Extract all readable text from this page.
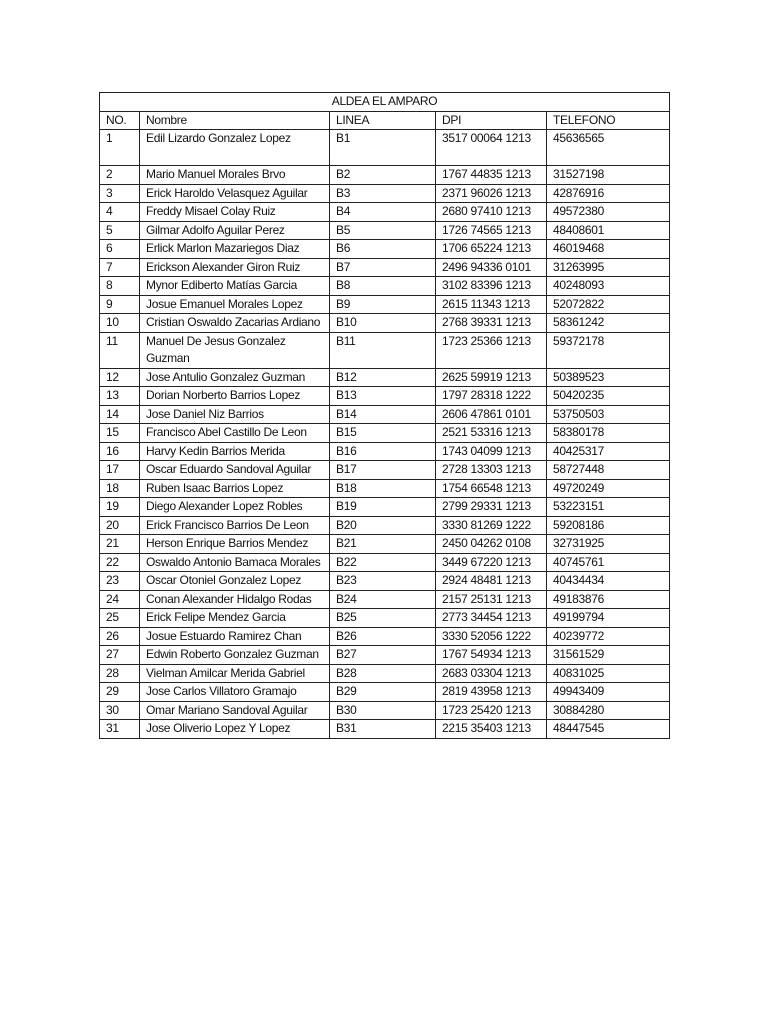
ALDEA EL AMPARO				
NO.	Nombre	LINEA	DPI	TELEFONO
1	Edil Lizardo Gonzalez Lopez	B1	3517 00064 1213	45636565
2	Mario Manuel Morales Brvo	B2	1767 44835 1213	31527198
3	Erick Haroldo Velasquez Aguilar	B3	2371 96026 1213	42876916
4	Freddy Misael Colay Ruiz	B4	2680 97410 1213	49572380
5	Gilmar Adolfo Aguilar Perez	B5	1726 74565 1213	48408601
6	Erlick Marlon Mazariegos Diaz	B6	1706 65224 1213	46019468
7	Erickson Alexander Giron Ruiz	B7	2496 94336 0101	31263995
8	Mynor Ediberto Matías Garcia	B8	3102 83396 1213	40248093
9	Josue Emanuel Morales Lopez	B9	2615 11343 1213	52072822
10	Cristian Oswaldo Zacarias Ardiano	B10	2768 39331 1213	58361242
11	Manuel De Jesus Gonzalez Guzman	B11	1723 25366 1213	59372178
12	Jose Antulio Gonzalez Guzman	B12	2625 59919 1213	50389523
13	Dorian Norberto Barrios Lopez	B13	1797 28318 1222	50420235
14	Jose Daniel Niz Barrios	B14	2606 47861 0101	53750503
15	Francisco Abel Castillo De Leon	B15	2521 53316 1213	58380178
16	Harvy Kedin Barrios Merida	B16	1743 04099 1213	40425317
17	Oscar Eduardo Sandoval Aguilar	B17	2728 13303 1213	58727448
18	Ruben Isaac Barrios Lopez	B18	1754 66548 1213	49720249
19	Diego Alexander Lopez Robles	B19	2799 29331 1213	53223151
20	Erick Francisco Barrios De Leon	B20	3330 81269 1222	59208186
21	Herson Enrique Barrios Mendez	B21	2450 04262 0108	32731925
22	Oswaldo Antonio Bamaca Morales	B22	3449 67220 1213	40745761
23	Oscar Otoniel Gonzalez Lopez	B23	2924 48481 1213	40434434
24	Conan Alexander Hidalgo Rodas	B24	2157 25131 1213	49183876
25	Erick Felipe Mendez Garcia	B25	2773 34454 1213	49199794
26	Josue Estuardo Ramirez Chan	B26	3330 52056 1222	40239772
27	Edwin Roberto Gonzalez Guzman	B27	1767 54934 1213	31561529
28	Vielman Amilcar Merida Gabriel	B28	2683 03304 1213	40831025
29	Jose Carlos Villatoro Gramajo	B29	2819 43958 1213	49943409
30	Omar Mariano Sandoval Aguilar	B30	1723 25420 1213	30884280
31	Jose Oliverio Lopez Y Lopez	B31	2215 35403 1213	48447545
